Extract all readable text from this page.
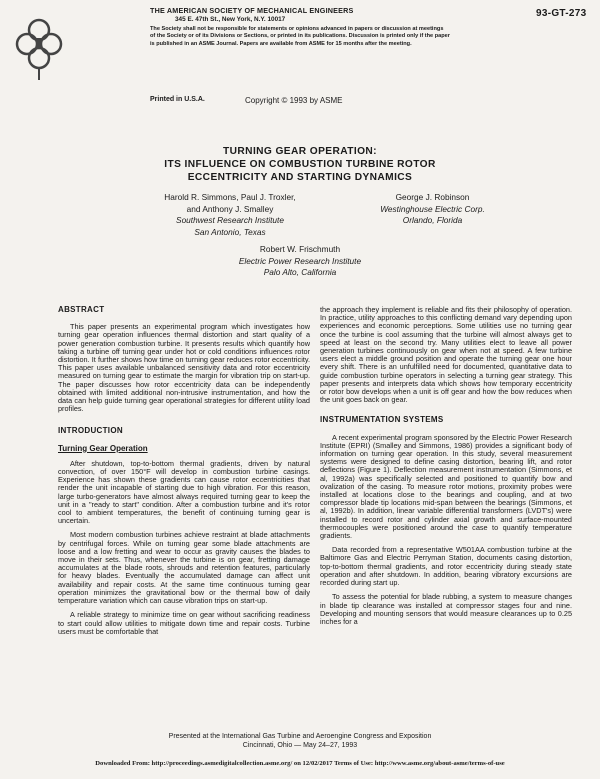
THE AMERICAN SOCIETY OF MECHANICAL ENGINEERS
345 E. 47th St., New York, N.Y. 10017
93-GT-273
The Society shall not be responsible for statements or opinions advanced in papers or discussion at meetings of the Society or of its Divisions or Sections, or printed in its publications. Discussion is printed only if the paper is published in an ASME Journal. Papers are available from ASME for 15 months after the meeting.
Printed in U.S.A.	Copyright © 1993 by ASME
TURNING GEAR OPERATION:
ITS INFLUENCE ON COMBUSTION TURBINE ROTOR
ECCENTRICITY AND STARTING DYNAMICS
Harold R. Simmons, Paul J. Troxler,
and Anthony J. Smalley
Southwest Research Institute
San Antonio, Texas
George J. Robinson
Westinghouse Electric Corp.
Orlando, Florida
Robert W. Frischmuth
Electric Power Research Institute
Palo Alto, California
ABSTRACT

This paper presents an experimental program which investigates how turning gear operation influences thermal distortion and start quality of a power generation combustion turbine. It presents results which quantify how taking a turbine off turning gear under hot or cold conditions influences rotor distortion. It further shows how time on turning gear reduces rotor eccentricity. This paper uses available unbalanced sensitivity data and rotor eccentricity measured on turning gear to estimate the margin for vibration trip on start-up. The paper discusses how rotor eccentricity data can be independently obtained with limited additional non-intrusive instrumentation, and how the data can help guide turning gear operational strategies for different utility load profiles.

INTRODUCTION
Turning Gear Operation

After shutdown, top-to-bottom thermal gradients, driven by natural convection, of over 150°F will develop in combustion turbine casings. Experience has shown these gradients can cause rotor eccentricities that render the unit incapable of starting due to high vibration. For this reason, large turbo-generators have almost always required turning gear to keep the unit in a "ready to start" condition. After a combustion turbine and it's rotor cool to ambient temperatures, the benefit of continuing turning gear is uncertain.

Most modern combustion turbines achieve restraint at blade attachments by centrifugal forces. While on turning gear some blade attachments are loose and a low fretting and wear to occur as gravity causes the blades to move in their sets. Thus, whenever the turbine is on gear, fretting damage accumulates at the blade roots, shrouds and retention features, particularly for heavy blades. Eventually the accumulated damage can affect unit availability and repair costs. At the same time continuous turning gear operation minimizes the gravitational bow or the thermal bow of daily temperature variation which can cause vibration trips on start-up.

A reliable strategy to minimize time on gear without sacrificing readiness to start could allow utilities to mitigate down time and repair costs. Turbine users must be comfortable that

the approach they implement is reliable and fits their philosophy of operation. In practice, utility approaches to this conflicting demand vary depending upon experiences and economic perceptions. Some utilities use no turning gear once the turbine is cool assuming that the turbine will almost always get to speed at least on the second try. Many utilities elect to leave all power generation turbines continuously on gear when not at speed. A few turbine users elect a middle ground position and operate the turning gear one hour every shift. There is an unfulfilled need for documented, quantitative data to guide combustion turbine operators in selecting a turning gear strategy. This paper presents and interprets data which shows how temporary eccentricity or rotor bow develops when a unit is off gear and how the bow reduces when the unit goes back on gear.

INSTRUMENTATION SYSTEMS

A recent experimental program sponsored by the Electric Power Research Institute (EPRI) (Smalley and Simmons, 1986) provides a significant body of information on turning gear operation. In this study, several measurement systems were designed to define casing distortion, bearing lift, and rotor deflections (Figure 1). Deflection measurement instrumentation (Simmons, et al, 1992a) was specifically selected and positioned to quantify bow and ovalization of the casing. To measure rotor motions, proximity probes were installed at locations close to the bearings and coupling, and at two compressor blade tip locations mid-span between the bearings (Simmons, et al, 1992b). In addition, linear variable differential transformers (LVDT's) were installed to record rotor and cylinder axial growth and surface-mounted thermocouples were positioned around the case to quantify temperature gradients.

Data recorded from a representative W501AA combustion turbine at the Baltimore Gas and Electric Perryman Station, documents casing distortion, top-to-bottom thermal gradients, and rotor eccentricity during steady state operation and after shutdown. In addition, bearing vibratory excursions are recorded during start up.

To assess the potential for blade rubbing, a system to measure changes in blade tip clearance was installed at compressor stages four and nine. Developing and mounting sensors that would measure clearances up to 0.25 inches for a

Presented at the International Gas Turbine and Aeroengine Congress and Exposition
Cincinnati, Ohio — May 24–27, 1993
Downloaded From: http://proceedings.asmedigitalcollection.asme.org/ on 12/02/2017 Terms of Use: http://www.asme.org/about-asme/terms-of-use
